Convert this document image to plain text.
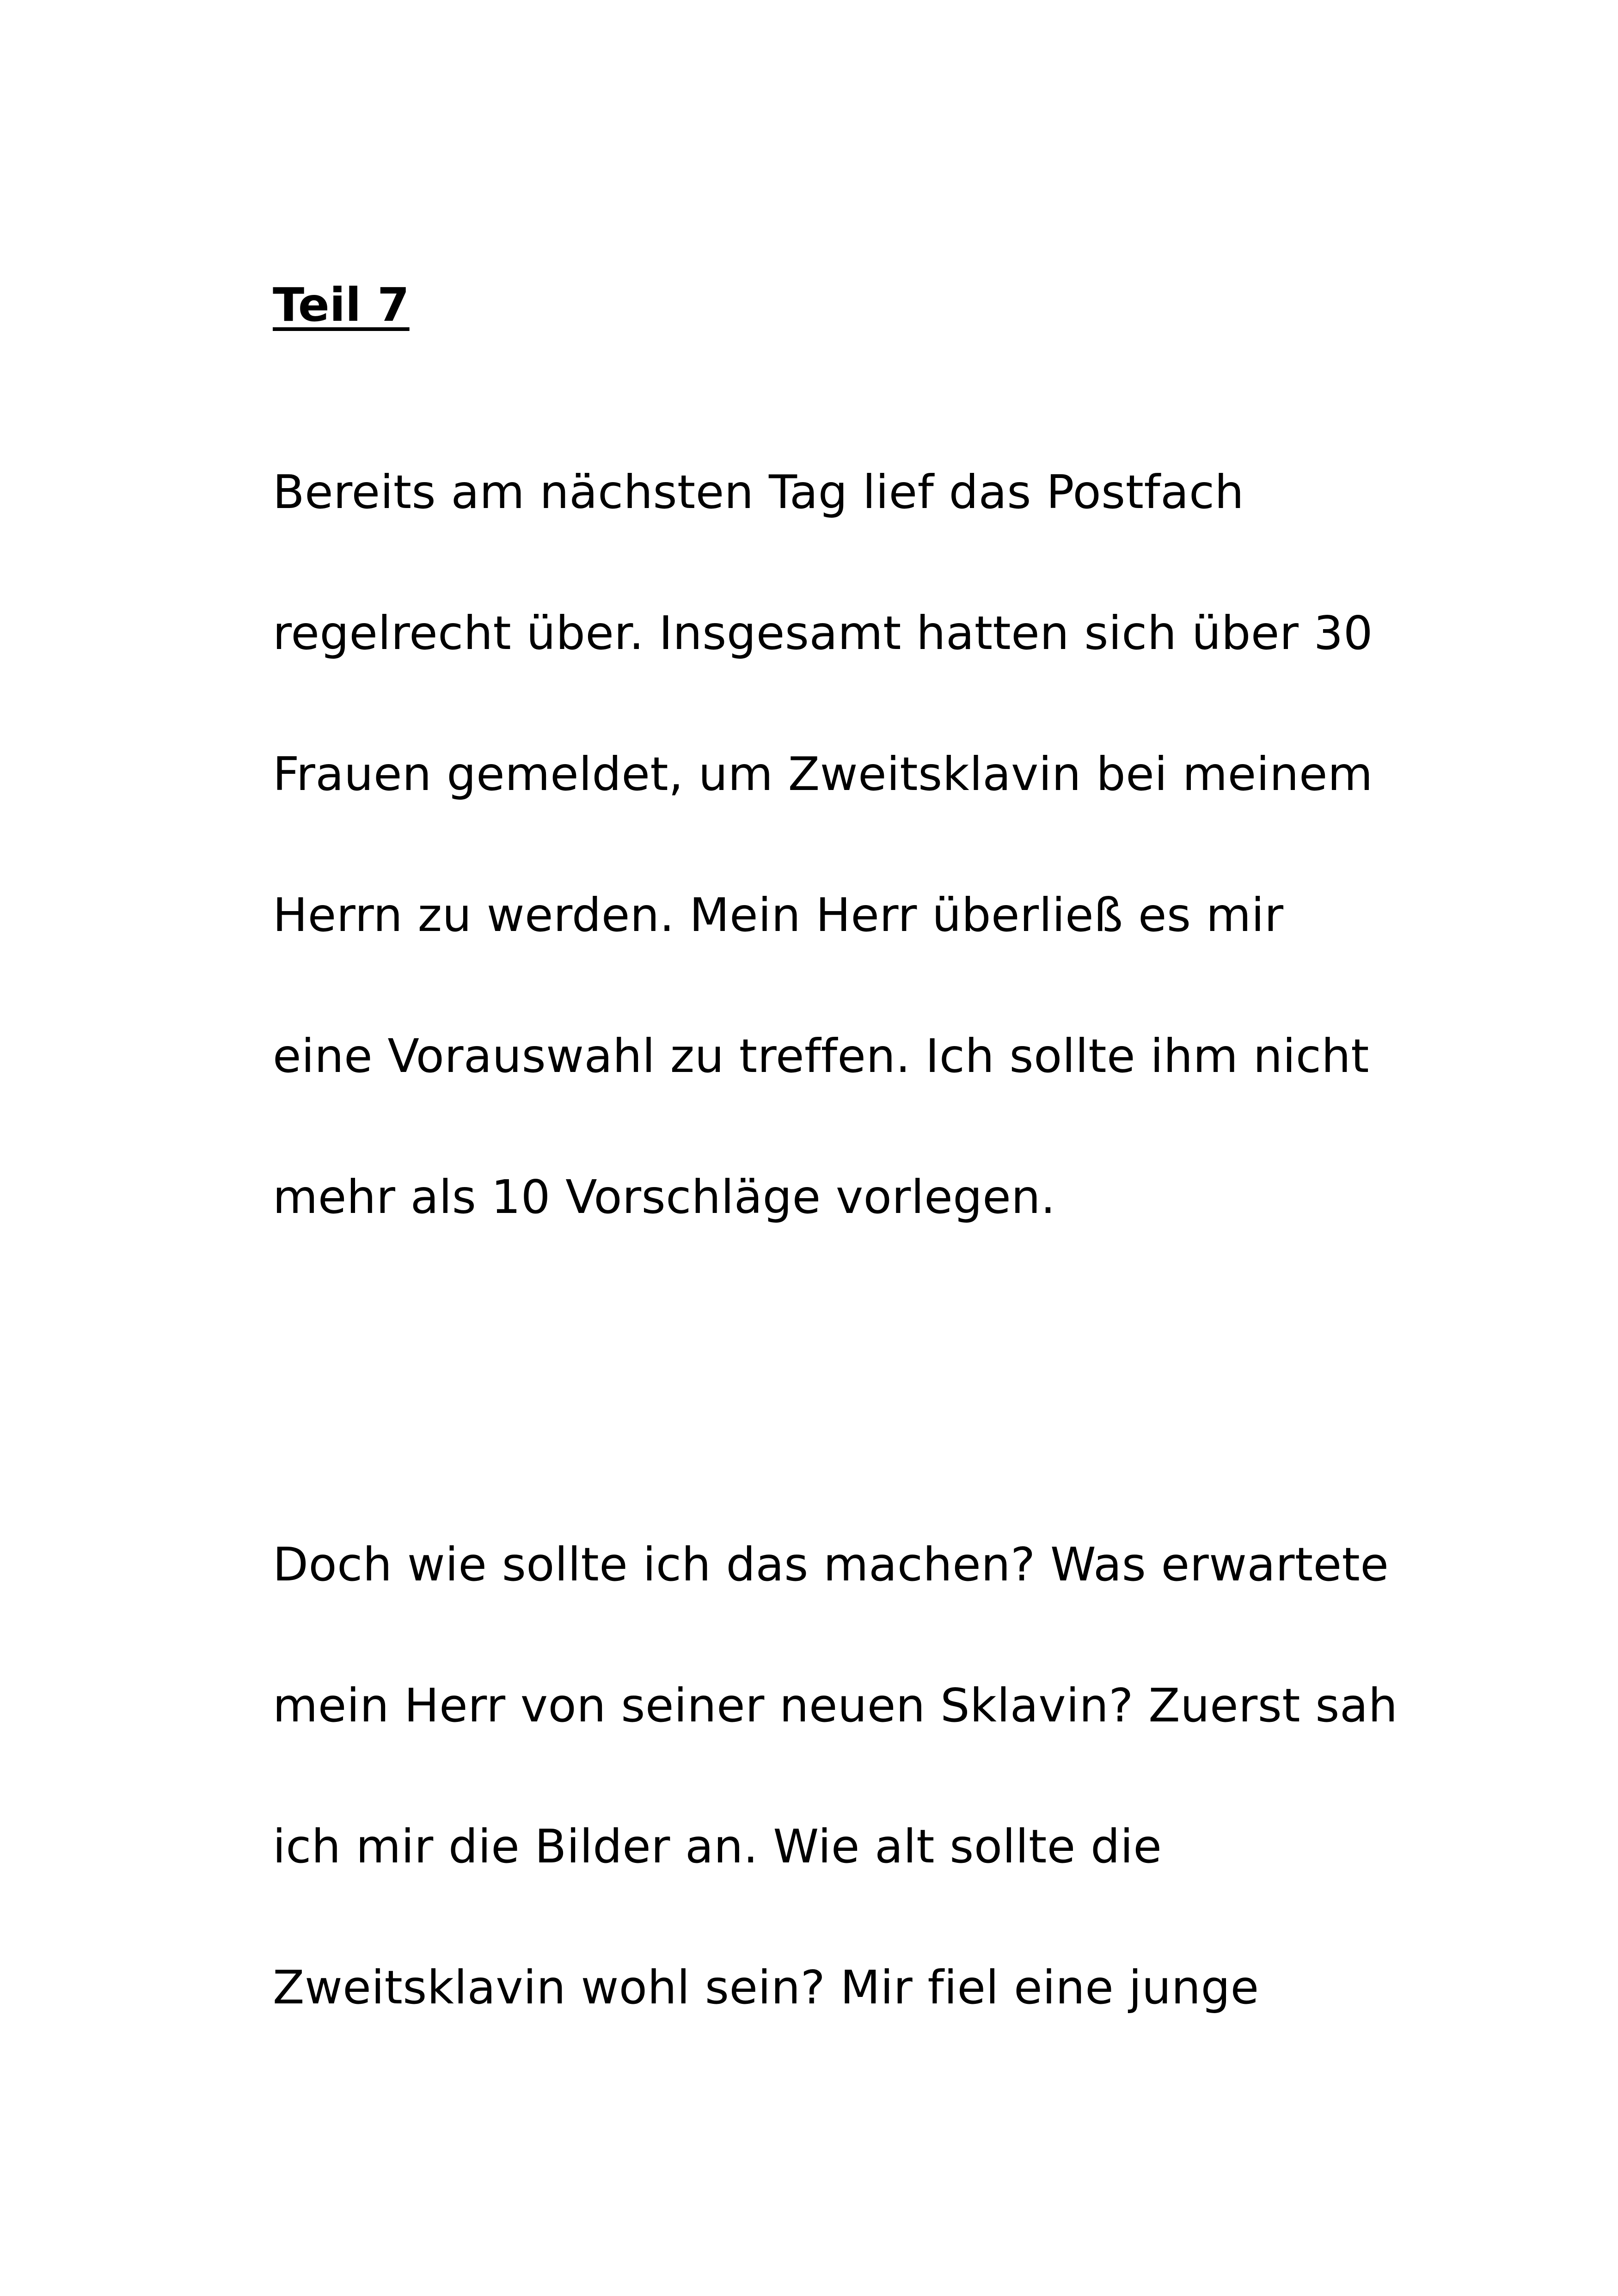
Teil 7
Bereits am nächsten Tag lief das Postfach
regelrecht über. Insgesamt hatten sich über 30
Frauen gemeldet, um Zweitsklavin bei meinem
Herrn zu werden. Mein Herr überließ es mir
eine Vorauswahl zu treffen. Ich sollte ihm nicht
mehr als 10 Vorschläge vorlegen.
Doch wie sollte ich das machen? Was erwartete
mein Herr von seiner neuen Sklavin? Zuerst sah
ich mir die Bilder an. Wie alt sollte die
Zweitsklavin wohl sein? Mir fiel eine junge
